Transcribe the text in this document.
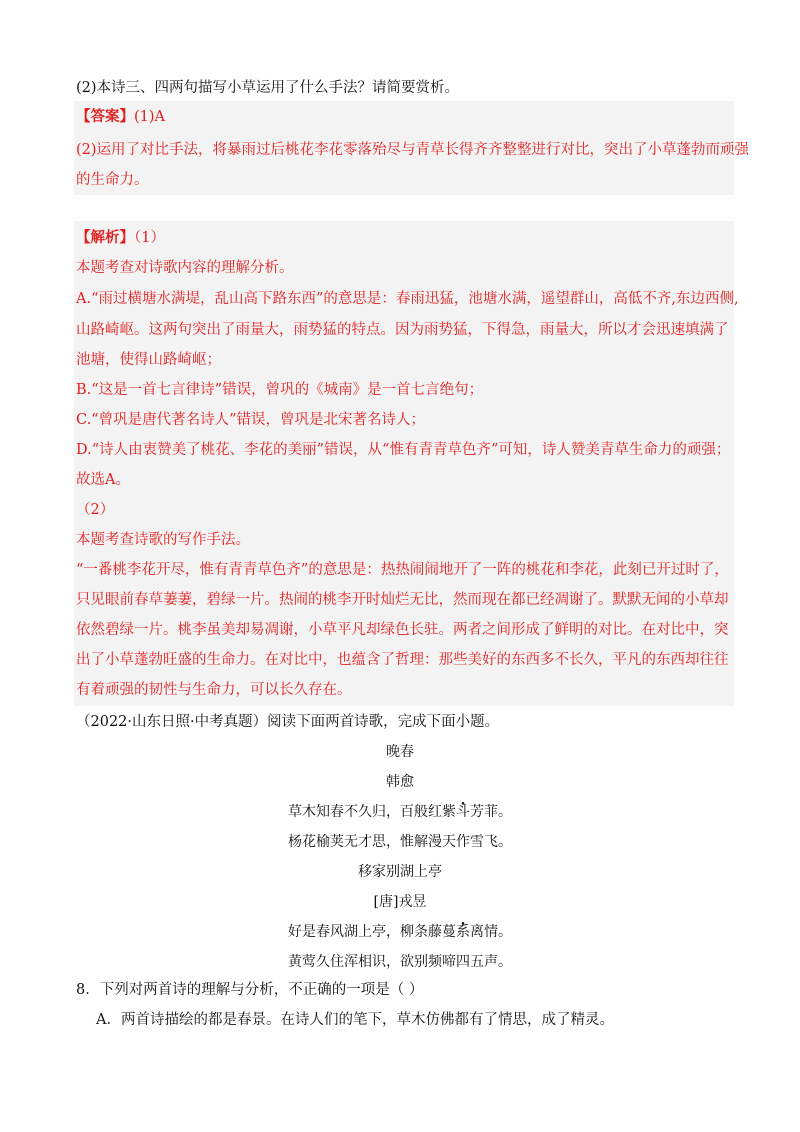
(2)本诗三、四两句描写小草运用了什么手法？请简要赏析。
【答案】(1)A
(2)运用了对比手法，将暴雨过后桃花李花零落殆尽与青草长得齐齐整整进行对比，突出了小草蓬勃而顽强
的生命力。
【解析】（1）
本题考查对诗歌内容的理解分析。
A.“雨过横塘水满堤，乱山高下路东西”的意思是：春雨迅猛，池塘水满，遥望群山，高低不齐,东边西侧,
山路崎岖。这两句突出了雨量大，雨势猛的特点。因为雨势猛，下得急，雨量大，所以才会迅速填满了
池塘，使得山路崎岖；
B.“这是一首七言律诗”错误，曾巩的《城南》是一首七言绝句；
C.“曾巩是唐代著名诗人”错误，曾巩是北宋著名诗人；
D.“诗人由衷赞美了桃花、李花的美丽”错误，从“惟有青青草色齐”可知，诗人赞美青草生命力的顽强；
故选A。
（2）
本题考查诗歌的写作手法。
“一番桃李花开尽，惟有青青草色齐”的意思是：热热闹闹地开了一阵的桃花和李花，此刻已开过时了，
只见眼前春草萋萋，碧绿一片。热闹的桃李开时灿烂无比，然而现在都已经凋谢了。默默无闻的小草却
依然碧绿一片。桃李虽美却易凋谢，小草平凡却绿色长驻。两者之间形成了鲜明的对比。在对比中，突
出了小草蓬勃旺盛的生命力。在对比中，也蕴含了哲理：那些美好的东西多不长久，平凡的东西却往往
有着顽强的韧性与生命力，可以长久存在。
（2022·山东日照·中考真题）阅读下面两首诗歌，完成下面小题。
晚春
韩愈
草木知春不久归，百般红紫斗芳菲。
杨花榆荚无才思，惟解漫天作雪飞。
移家别湖上亭
[唐]戎昱
好是春风湖上亭，柳条藤蔓系离情。
黄莺久住浑相识，欲别频啼四五声。
8．下列对两首诗的理解与分析，不正确的一项是（ ）
A．两首诗描绘的都是春景。在诗人们的笔下，草木仿佛都有了情思，成了精灵。
